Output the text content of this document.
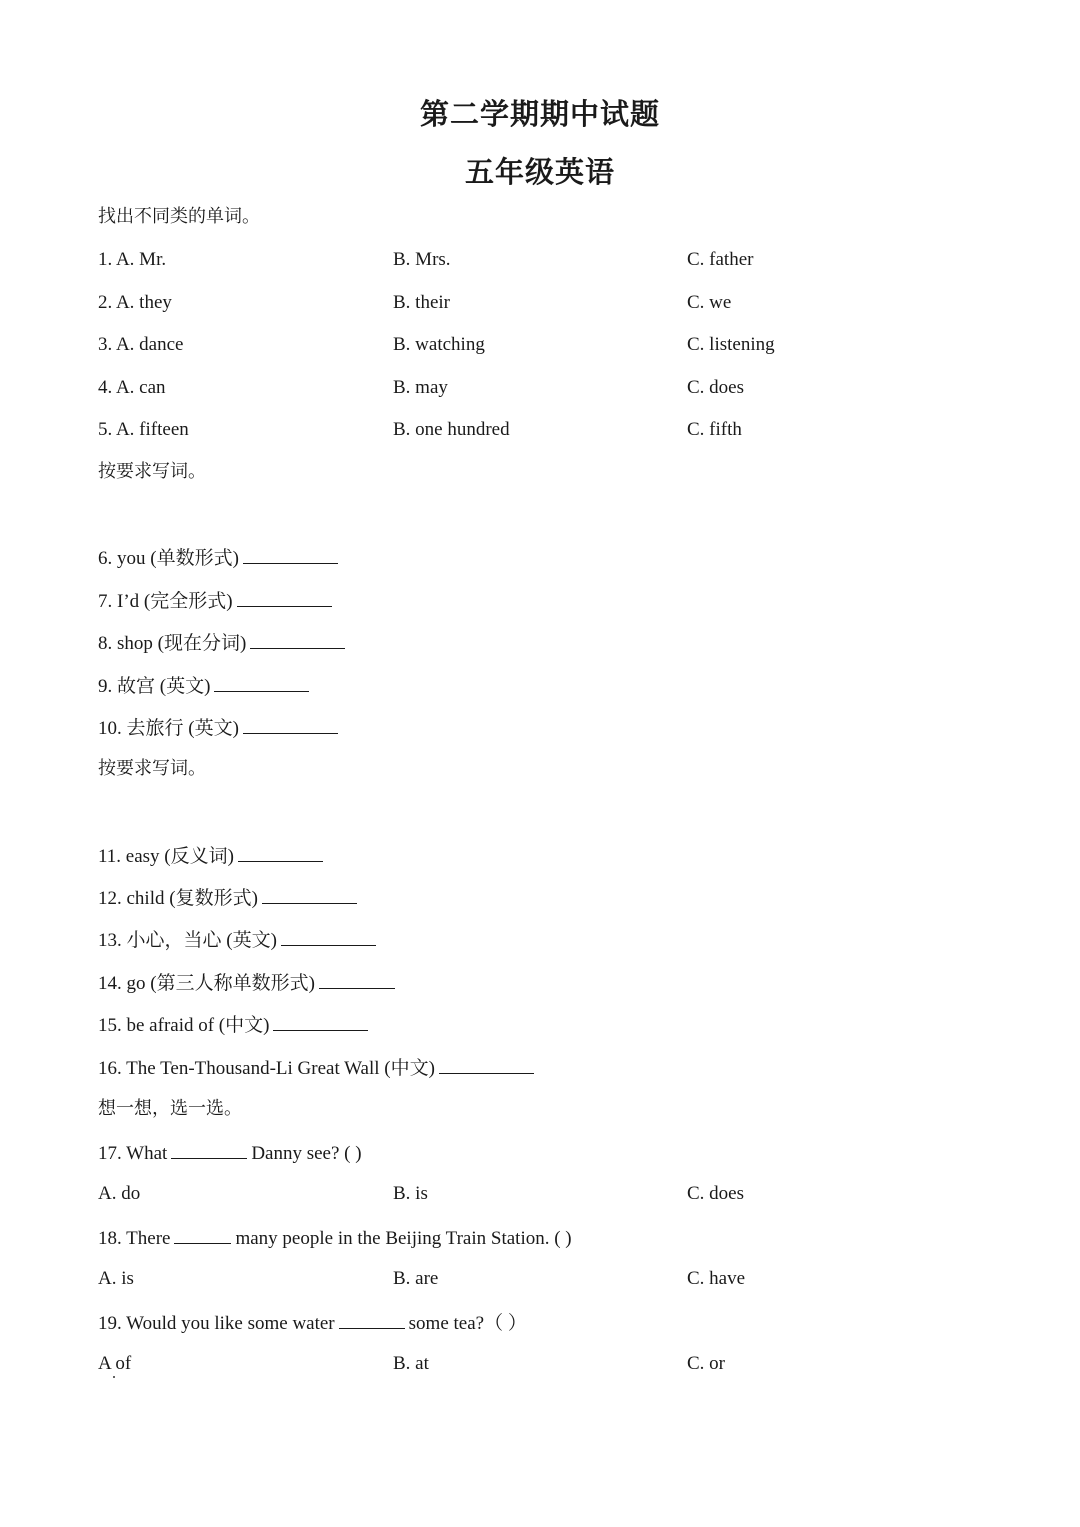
第二学期期中试题
五年级英语
找出不同类的单词。
1. A. Mr.	B. Mrs.	C. father
2. A. they	B. their	C. we
3. A. dance	B. watching	C. listening
4. A. can	B. may	C. does
5. A. fifteen	B. one hundred	C. fifth
按要求写词。
6. you (单数形式)
7. I’d (完全形式)
8. shop (现在分词)
9. 故宫 (英文)
10. 去旅行 (英文)
按要求写词。
11. easy (反义词)
12. child (复数形式)
13. 小心，当心 (英文)
14. go (第三人称单数形式)
15. be afraid of (中文)
16. The Ten-Thousand-Li Great Wall (中文)
想一想，选一选。
17. What	Danny see? ( )
A. do	B. is	C. does
18. There	many people in the Beijing Train Station. ( )
A. is	B. are	C. have
19. Would you like some water	some tea?（ ）
A of	B. at	C. or
